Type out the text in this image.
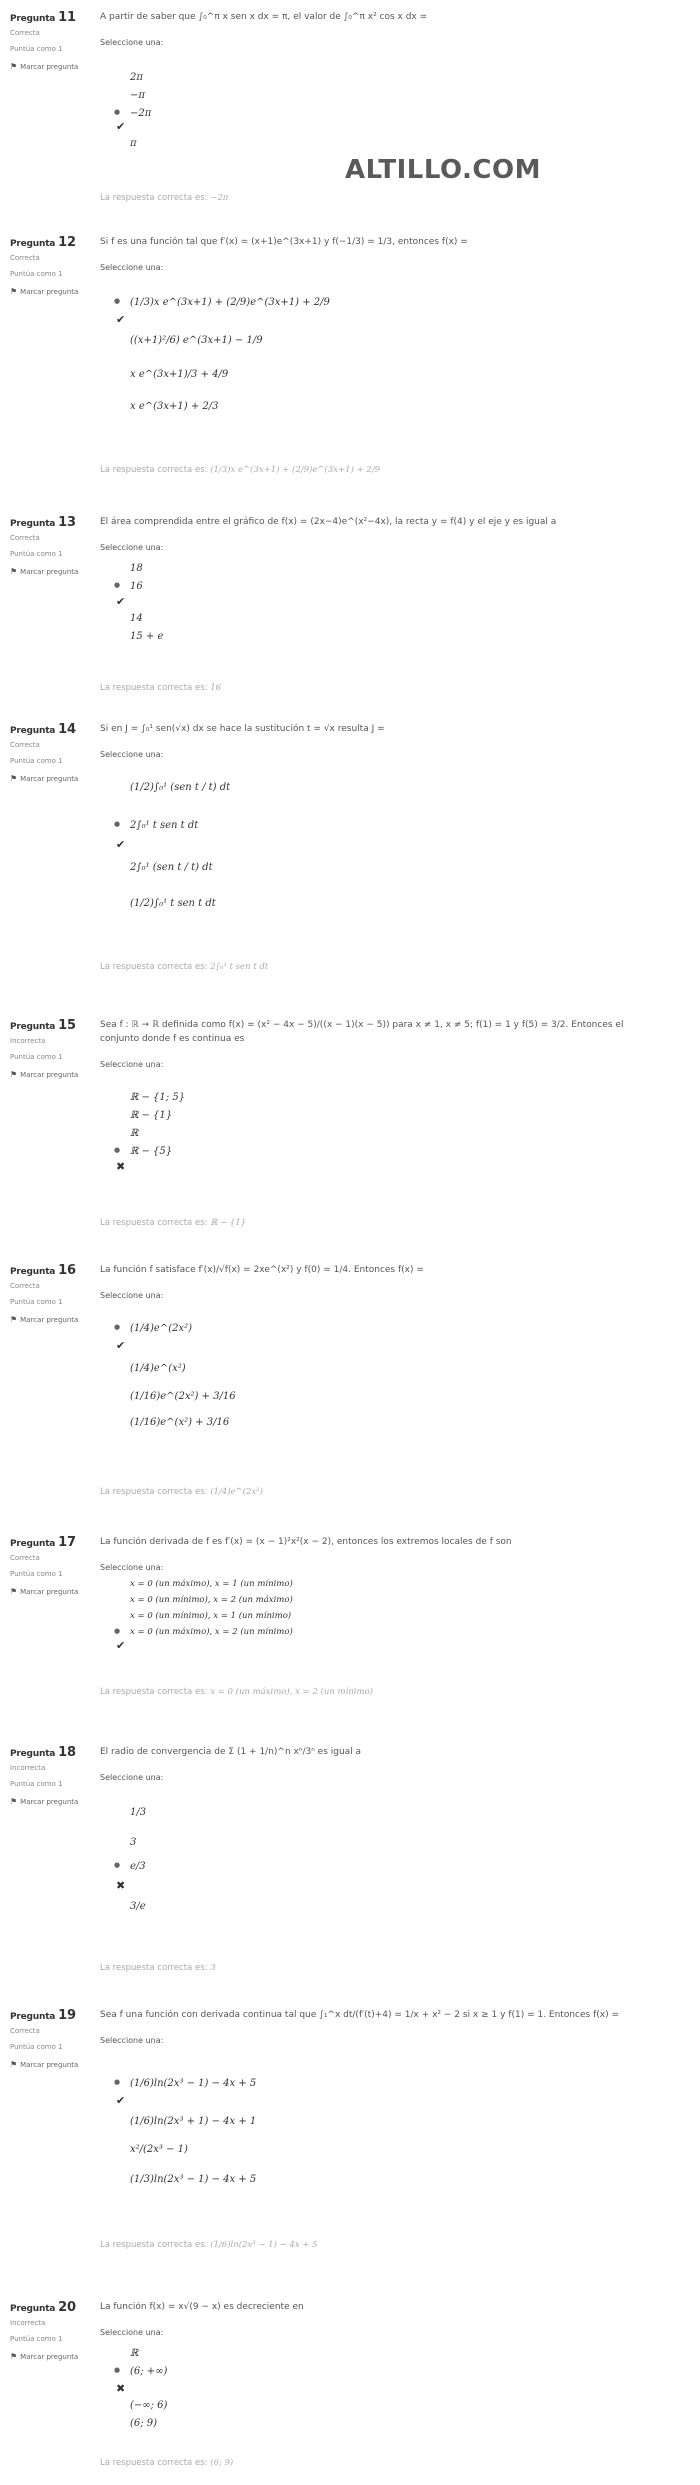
ALTILLO.COM
Pregunta 11
Correcta
Puntúa como 1
⚑ Marcar pregunta
A partir de saber que ∫₀^π x sen x dx = π, el valor de ∫₀^π x² cos x dx =
Seleccione una:
2π
−π
● −2π
✔
π
La respuesta correcta es: −2π
Pregunta 12
Correcta
Puntúa como 1
⚑ Marcar pregunta
Si f es una función tal que f′(x) = (x+1)e^(3x+1) y f(−1/3) = 1/3, entonces f(x) =
Seleccione una:
● (1/3)x e^(3x+1) + (2/9)e^(3x+1) + 2/9
✔
((x+1)²/6) e^(3x+1) − 1/9
x e^(3x+1)/3 + 4/9
x e^(3x+1) + 2/3
La respuesta correcta es: (1/3)x e^(3x+1) + (2/9)e^(3x+1) + 2/9
Pregunta 13
Correcta
Puntúa como 1
⚑ Marcar pregunta
El área comprendida entre el gráfico de f(x) = (2x−4)e^(x²−4x), la recta y = f(4) y el eje y es igual a
Seleccione una:
18
● 16
✔
14
15 + e
La respuesta correcta es: 16
Pregunta 14
Correcta
Puntúa como 1
⚑ Marcar pregunta
Si en J = ∫₀¹ sen(√x) dx se hace la sustitución t = √x resulta J =
Seleccione una:
(1/2)∫₀¹ (sen t / t) dt
● 2∫₀¹ t sen t dt
✔
2∫₀¹ (sen t / t) dt
(1/2)∫₀¹ t sen t dt
La respuesta correcta es: 2∫₀¹ t sen t dt
Pregunta 15
Incorrecta
Puntúa como 1
⚑ Marcar pregunta
Sea f : ℝ → ℝ definida como f(x) = (x² − 4x − 5)/((x − 1)(x − 5)) para x ≠ 1, x ≠ 5; f(1) = 1 y f(5) = 3/2. Entonces el conjunto donde f es continua es
Seleccione una:
ℝ − {1; 5}
ℝ − {1}
ℝ
● ℝ − {5}
✖
La respuesta correcta es: ℝ − {1}
Pregunta 16
Correcta
Puntúa como 1
⚑ Marcar pregunta
La función f satisface f′(x)/√f(x) = 2xe^(x²) y f(0) = 1/4. Entonces f(x) =
Seleccione una:
● (1/4)e^(2x²)
✔
(1/4)e^(x²)
(1/16)e^(2x²) + 3/16
(1/16)e^(x²) + 3/16
La respuesta correcta es: (1/4)e^(2x²)
Pregunta 17
Correcta
Puntúa como 1
⚑ Marcar pregunta
La función derivada de f es f′(x) = (x − 1)²x²(x − 2), entonces los extremos locales de f son
Seleccione una:
x = 0 (un máximo), x = 1 (un mínimo)
x = 0 (un mínimo), x = 2 (un máximo)
x = 0 (un mínimo), x = 1 (un mínimo)
● x = 0 (un máximo), x = 2 (un mínimo)
✔
La respuesta correcta es: x = 0 (un máximo), x = 2 (un mínimo)
Pregunta 18
Incorrecta
Puntúa como 1
⚑ Marcar pregunta
El radio de convergencia de Σ (1 + 1/n)^n xⁿ/3ⁿ es igual a
Seleccione una:
1/3
3
● e/3
✖
3/e
La respuesta correcta es: 3
Pregunta 19
Correcta
Puntúa como 1
⚑ Marcar pregunta
Sea f una función con derivada continua tal que ∫₁^x dt/(f′(t)+4) = 1/x + x² − 2 si x ≥ 1 y f(1) = 1. Entonces f(x) =
Seleccione una:
● (1/6)ln(2x³ − 1) − 4x + 5
✔
(1/6)ln(2x³ + 1) − 4x + 1
x²/(2x³ − 1)
(1/3)ln(2x³ − 1) − 4x + 5
La respuesta correcta es: (1/6)ln(2x³ − 1) − 4x + 5
Pregunta 20
Incorrecta
Puntúa como 1
⚑ Marcar pregunta
La función f(x) = x√(9 − x) es decreciente en
Seleccione una:
ℝ
● (6; +∞)
✖
(−∞; 6)
(6; 9)
La respuesta correcta es: (6; 9)
